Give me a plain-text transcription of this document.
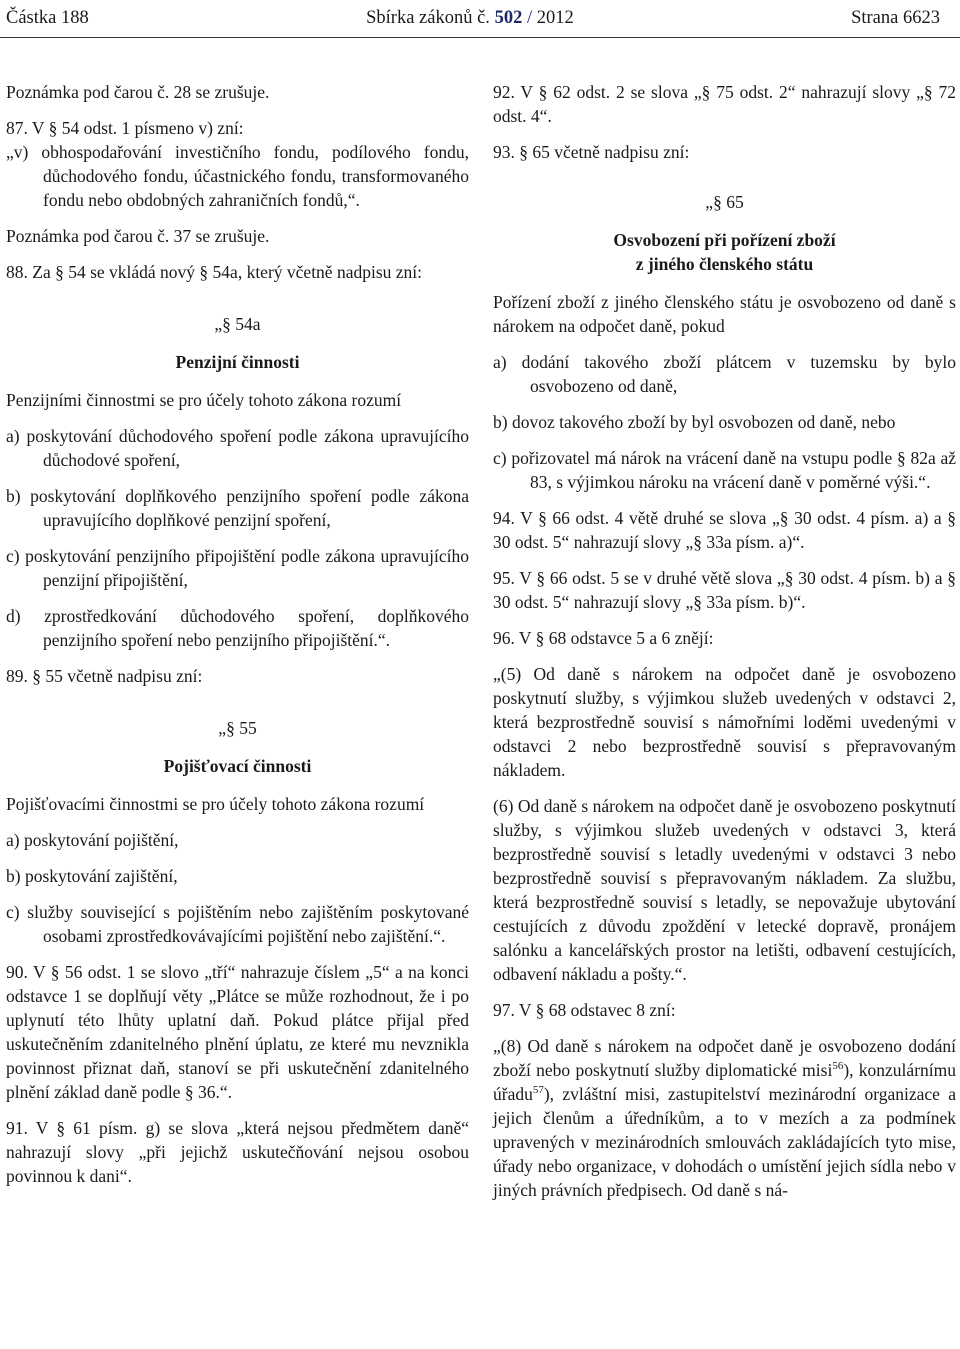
Částka 188	Sbírka zákonů č. 502 / 2012	Strana 6623

Poznámka pod čarou č. 28 se zrušuje.

87. V § 54 odst. 1 písmeno v) zní:

„v) obhospodařování investičního fondu, podílového fondu, důchodového fondu, účastnického fondu, transformovaného fondu nebo obdobných zahraničních fondů,“.

Poznámka pod čarou č. 37 se zrušuje.

88. Za § 54 se vkládá nový § 54a, který včetně nadpisu zní:

„§ 54a

Penzijní činnosti

Penzijními činnostmi se pro účely tohoto zákona rozumí

a) poskytování důchodového spoření podle zákona upravujícího důchodové spoření,

b) poskytování doplňkového penzijního spoření podle zákona upravujícího doplňkové penzijní spoření,

c) poskytování penzijního připojištění podle zákona upravujícího penzijní připojištění,

d) zprostředkování důchodového spoření, doplňkového penzijního spoření nebo penzijního připojištění.“.

89. § 55 včetně nadpisu zní:

„§ 55

Pojišťovací činnosti

Pojišťovacími činnostmi se pro účely tohoto zákona rozumí

a) poskytování pojištění,

b) poskytování zajištění,

c) služby související s pojištěním nebo zajištěním poskytované osobami zprostředkovávajícími pojištění nebo zajištění.“.

90. V § 56 odst. 1 se slovo „tří“ nahrazuje číslem „5“ a na konci odstavce 1 se doplňují věty „Plátce se může rozhodnout, že i po uplynutí této lhůty uplatní daň. Pokud plátce přijal před uskutečněním zdanitelného plnění úplatu, ze které mu nevznikla povinnost přiznat daň, stanoví se při uskutečnění zdanitelného plnění základ daně podle § 36.“.

91. V § 61 písm. g) se slova „která nejsou předmětem daně“ nahrazují slovy „při jejichž uskutečňování nejsou osobou povinnou k dani“.

92. V § 62 odst. 2 se slova „§ 75 odst. 2“ nahrazují slovy „§ 72 odst. 4“.

93. § 65 včetně nadpisu zní:

„§ 65

Osvobození při pořízení zboží

z jiného členského státu

Pořízení zboží z jiného členského státu je osvobozeno od daně s nárokem na odpočet daně, pokud

a) dodání takového zboží plátcem v tuzemsku by bylo osvobozeno od daně,

b) dovoz takového zboží by byl osvobozen od daně, nebo

c) pořizovatel má nárok na vrácení daně na vstupu podle § 82a až 83, s výjimkou nároku na vrácení daně v poměrné výši.“.

94. V § 66 odst. 4 větě druhé se slova „§ 30 odst. 4 písm. a) a § 30 odst. 5“ nahrazují slovy „§ 33a písm. a)“.

95. V § 66 odst. 5 se v druhé větě slova „§ 30 odst. 4 písm. b) a § 30 odst. 5“ nahrazují slovy „§ 33a písm. b)“.

96. V § 68 odstavce 5 a 6 znějí:

„(5) Od daně s nárokem na odpočet daně je osvobozeno poskytnutí služby, s výjimkou služeb uvedených v odstavci 2, která bezprostředně souvisí s námořními loděmi uvedenými v odstavci 2 nebo bezprostředně souvisí s přepravovaným nákladem.

(6) Od daně s nárokem na odpočet daně je osvobozeno poskytnutí služby, s výjimkou služeb uvedených v odstavci 3, která bezprostředně souvisí s letadly uvedenými v odstavci 3 nebo bezprostředně souvisí s přepravovaným nákladem. Za službu, která bezprostředně souvisí s letadly, se nepovažuje ubytování cestujících z důvodu zpoždění v letecké dopravě, pronájem salónku a kancelářských prostor na letišti, odbavení cestujících, odbavení nákladu a pošty.“.

97. V § 68 odstavec 8 zní:

„(8) Od daně s nárokem na odpočet daně je osvobozeno dodání zboží nebo poskytnutí služby diplomatické misi$^{56}$), konzulárnímu úřadu$^{57}$), zvláštní misi, zastupitelství mezinárodní organizace a jejich členům a úředníkům, a to v mezích a za podmínek upravených v mezinárodních smlouvách zakládajících tyto mise, úřady nebo organizace, v dohodách o umístění jejich sídla nebo v jiných právních předpisech. Od daně s ná-
